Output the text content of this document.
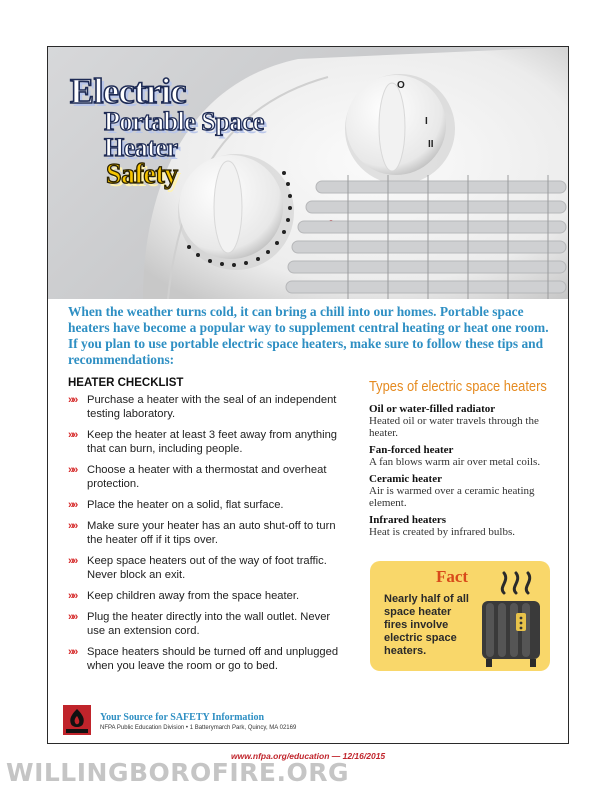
O
I
II
Electric
Portable Space
Heater
Safety
When the weather turns cold, it can bring a chill into our homes. Portable space heaters have become a popular way to supplement central heating or heat one room. If you plan to use portable electric space heaters, make sure to follow these tips and recommendations:
HEATER CHECKLIST
»» Purchase a heater with the seal of an independent testing laboratory.
»» Keep the heater at least 3 feet away from anything that can burn, including people.
»» Choose a heater with a thermostat and overheat protection.
»» Place the heater on a solid, flat surface.
»» Make sure your heater has an auto shut-off to turn the heater off if it tips over.
»» Keep space heaters out of the way of foot traffic. Never block an exit.
»» Keep children away from the space heater.
»» Plug the heater directly into the wall outlet. Never use an extension cord.
»» Space heaters should be turned off and unplugged when you leave the room or go to bed.
Types of electric space heaters
Oil or water-filled radiator
Heated oil or water travels through the heater.
Fan-forced heater
A fan blows warm air over metal coils.
Ceramic heater
Air is warmed over a ceramic heating element.
Infrared heaters
Heat is created by infrared bulbs.
Fact
Nearly half of all space heater fires involve electric space heaters.
Your Source for SAFETY Information
NFPA Public Education Division • 1 Batterymarch Park, Quincy, MA 02169
www.nfpa.org/education — 12/16/2015
WILLINGBOROFIRE.ORG
